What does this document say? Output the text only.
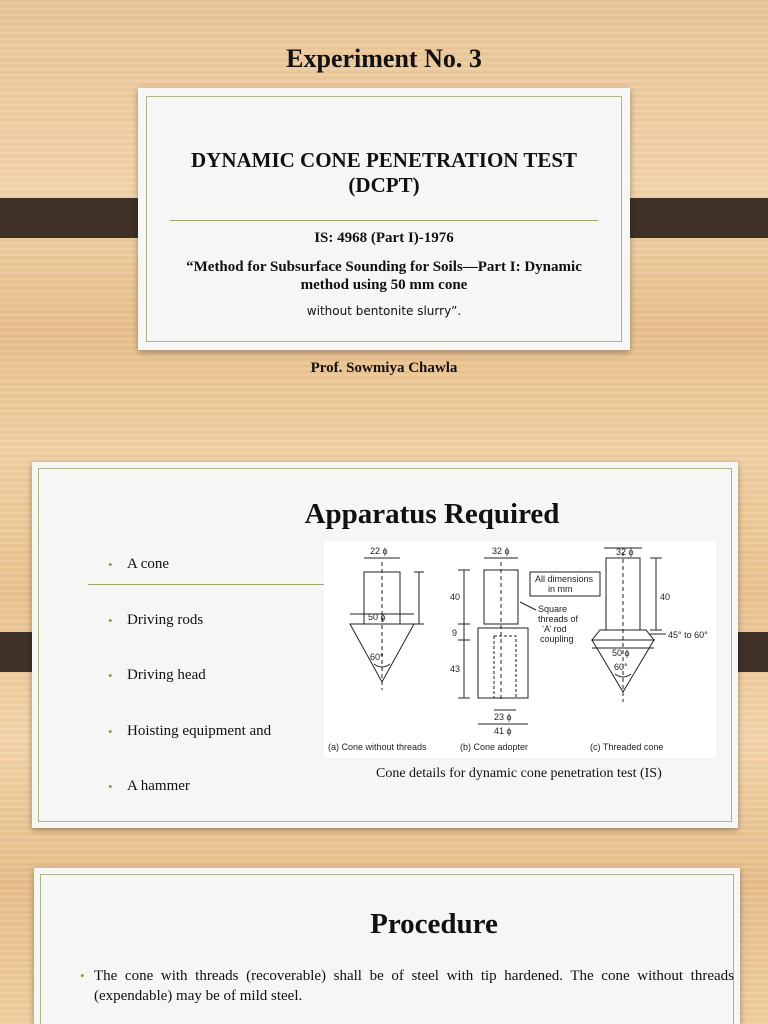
Experiment No. 3
DYNAMIC CONE PENETRATION TEST
(DCPT)
IS: 4968 (Part I)-1976
“Method for Subsurface Sounding for Soils—Part I: Dynamic method using 50 mm cone
without bentonite slurry”.
Prof. Sowmiya Chawla
Apparatus Required
• A cone
• Driving rods
• Driving head
• Hoisting equipment and
• A hammer
22 ϕ
50 ϕ
60°
32 ϕ
All dimensions
in mm
40
9
43
Square
threads of
‘A’ rod
coupling
23 ϕ
41 ϕ
32 ϕ
40
45° to 60°
50 ϕ
60°
(a) Cone without threads	(b) Cone adopter	(c) Threaded cone
Cone details for dynamic cone penetration test (IS)
Procedure
• The cone with threads (recoverable) shall be of steel with tip hardened. The cone without threads (expendable) may be of mild steel.
